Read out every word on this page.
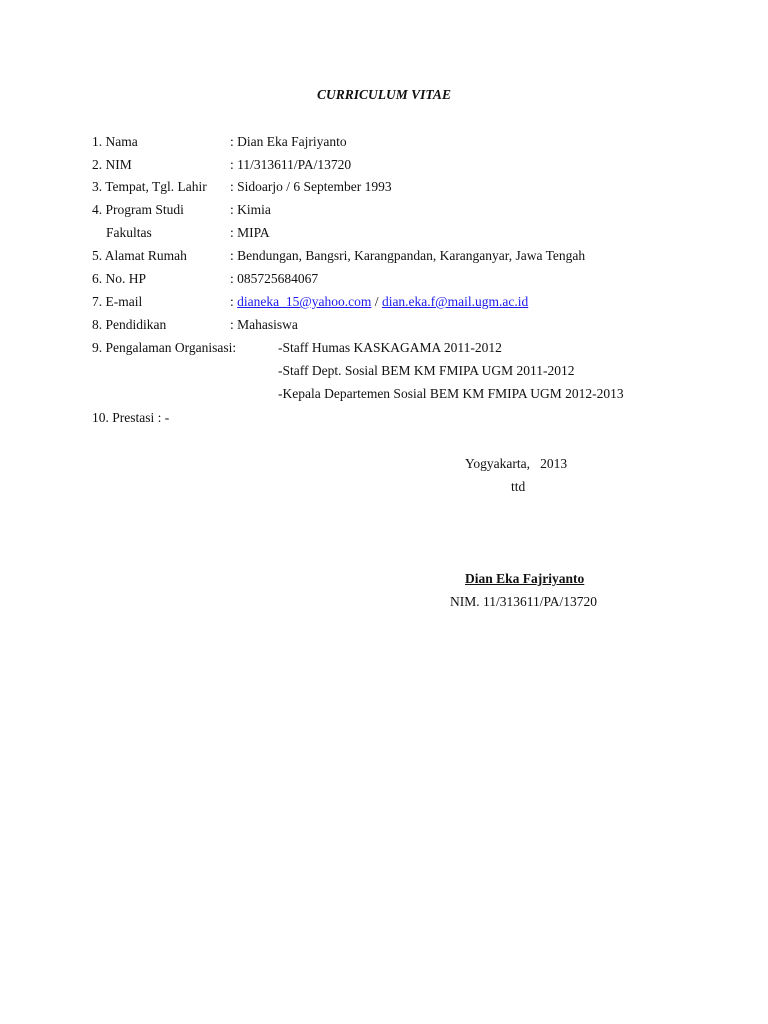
CURRICULUM VITAE
1. Nama	: Dian Eka Fajriyanto
2. NIM	: 11/313611/PA/13720
3. Tempat, Tgl. Lahir : Sidoarjo / 6 September 1993
4. Program Studi	: Kimia
Fakultas	: MIPA
5. Alamat Rumah	: Bendungan, Bangsri, Karangpandan, Karanganyar, Jawa Tengah
6. No. HP	: 085725684067
7. E-mail	: dianeka_15@yahoo.com / dian.eka.f@mail.ugm.ac.id
8. Pendidikan	: Mahasiswa
9. Pengalaman Organisasi:	-Staff Humas KASKAGAMA 2011-2012
-Staff Dept. Sosial BEM KM FMIPA UGM 2011-2012
-Kepala Departemen Sosial BEM KM FMIPA UGM 2012-2013
10. Prestasi : -
Yogyakarta,   2013
ttd
Dian Eka Fajriyanto
NIM. 11/313611/PA/13720
